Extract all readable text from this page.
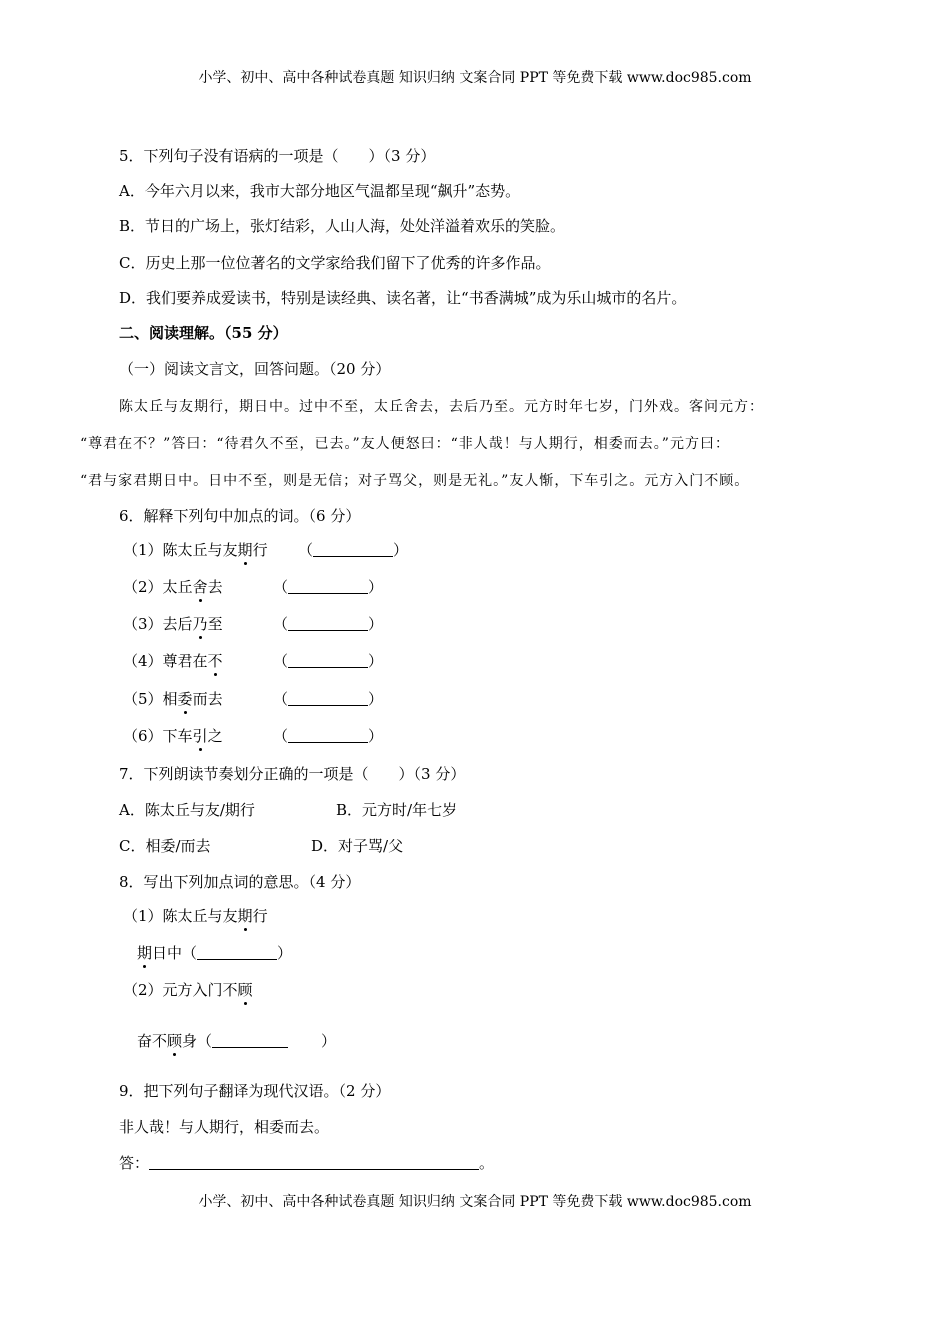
小学、初中、高中各种试卷真题 知识归纳 文案合同 PPT 等免费下载 www.doc985.com
5．下列句子没有语病的一项是（　　）（3 分）
A．今年六月以来，我市大部分地区气温都呈现“飙升”态势。
B．节日的广场上，张灯结彩，人山人海，处处洋溢着欢乐的笑脸。
C．历史上那一位位著名的文学家给我们留下了优秀的许多作品。
D．我们要养成爱读书，特别是读经典、读名著，让“书香满城”成为乐山城市的名片。
二、阅读理解。（55 分）
（一）阅读文言文，回答问题。（20 分）
陈太丘与友期行，期日中。过中不至，太丘舍去，去后乃至。元方时年七岁，门外戏。客问元方：
“尊君在不？”答曰：“待君久不至，已去。”友人便怒曰：“非人哉！与人期行，相委而去。”元方曰：
“君与家君期日中。日中不至，则是无信；对子骂父，则是无礼。”友人惭，下车引之。元方入门不顾。
6．解释下列句中加点的词。（6 分）
（1）陈太丘与友期行 （	）
（2）太丘舍去	（	）
（3）去后乃至	（	）
（4）尊君在不	（	）
（5）相委而去	（	）
（6）下车引之	（	）
7．下列朗读节奏划分正确的一项是（　　）（3 分）
A．陈太丘与友/期行	B．元方时/年七岁
C．相委/而去	D．对子骂/父
8．写出下列加点词的意思。（4 分）
（1）陈太丘与友期行
期日中（	）
（2）元方入门不顾
奋不顾身（	）
9．把下列句子翻译为现代汉语。（2 分）
非人哉！与人期行，相委而去。
答：	。
小学、初中、高中各种试卷真题 知识归纳 文案合同 PPT 等免费下载 www.doc985.com
